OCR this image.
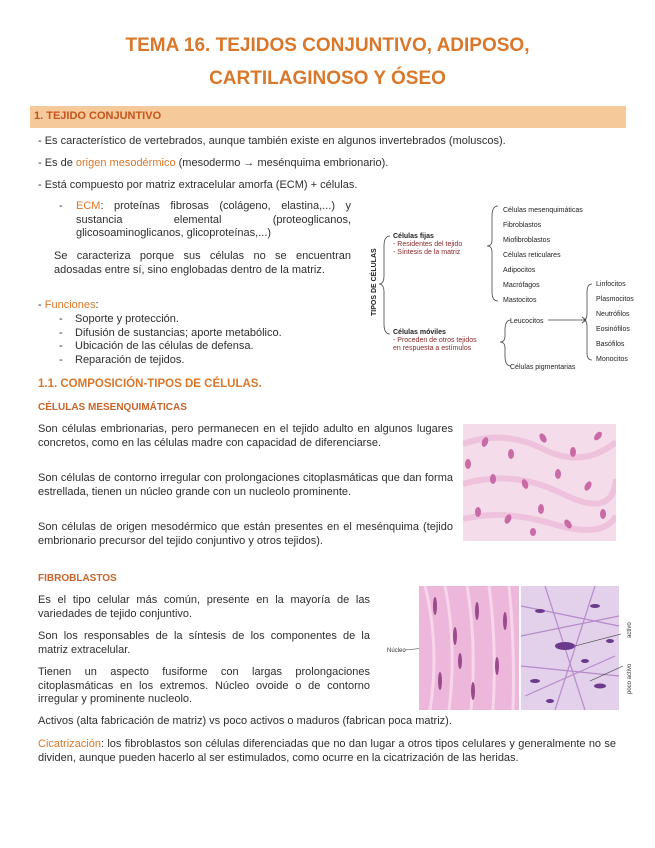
TEMA 16. TEJIDOS CONJUNTIVO, ADIPOSO,
CARTILAGINOSO Y ÓSEO
1. TEJIDO CONJUNTIVO
- Es característico de vertebrados, aunque también existe en algunos invertebrados (moluscos).
- Es de origen mesodérmico (mesodermo → mesénquima embrionario).
- Está compuesto por matriz extracelular amorfa (ECM) + células.
- ECM: proteínas fibrosas (colágeno, elastina,...) y sustancia elemental (proteoglicanos, glicosoaminoglicanos, glicoproteínas,...)
Se caracteriza porque sus células no se encuentran adosadas entre sí, sino englobadas dentro de la matriz.
- Funciones:
- Soporte y protección.
- Difusión de sustancias; aporte metabólico.
- Ubicación de las células de defensa.
- Reparación de tejidos.
TIPOS DE CÉLULAS
Células fijas
- Residentes del tejido
- Síntesis de la matriz
Células mesenquimáticas
Fibroblastos
Miofibroblastos
Células reticulares
Adipocitos
Macrófagos
Mastocitos
Células móviles
- Proceden de otros tejidos
en respuesta a estímulos
Leucocitos
Células pigmentarias
Linfocitos
Plasmocitos
Neutrófilos
Eosinófilos
Basófilos
Monocitos
1.1. COMPOSICIÓN-TIPOS DE CÉLULAS.
CÉLULAS MESENQUIMÁTICAS
Son células embrionarias, pero permanecen en el tejido adulto en algunos lugares concretos, como en las células madre con capacidad de diferenciarse.
Son células de contorno irregular con prolongaciones citoplasmáticas que dan forma estrellada, tienen un núcleo grande con un nucleolo prominente.
Son células de origen mesodérmico que están presentes en el mesénquima (tejido embrionario precursor del tejido conjuntivo y otros tejidos).
FIBROBLASTOS
Es el tipo celular más común, presente en la mayoría de las variedades de tejido conjuntivo.
Son los responsables de la síntesis de los componentes de la matriz extracelular.
Tienen un aspecto fusiforme con largas prolongaciones citoplasmáticas en los extremos. Núcleo ovoide o de contorno irregular y prominente nucleolo.
Núcleo
activo
poco activo
Activos (alta fabricación de matriz) vs poco activos o maduros (fabrican poca matriz).
Cicatrización: los fibroblastos son células diferenciadas que no dan lugar a otros tipos celulares y generalmente no se dividen, aunque pueden hacerlo al ser estimulados, como ocurre en la cicatrización de las heridas.
